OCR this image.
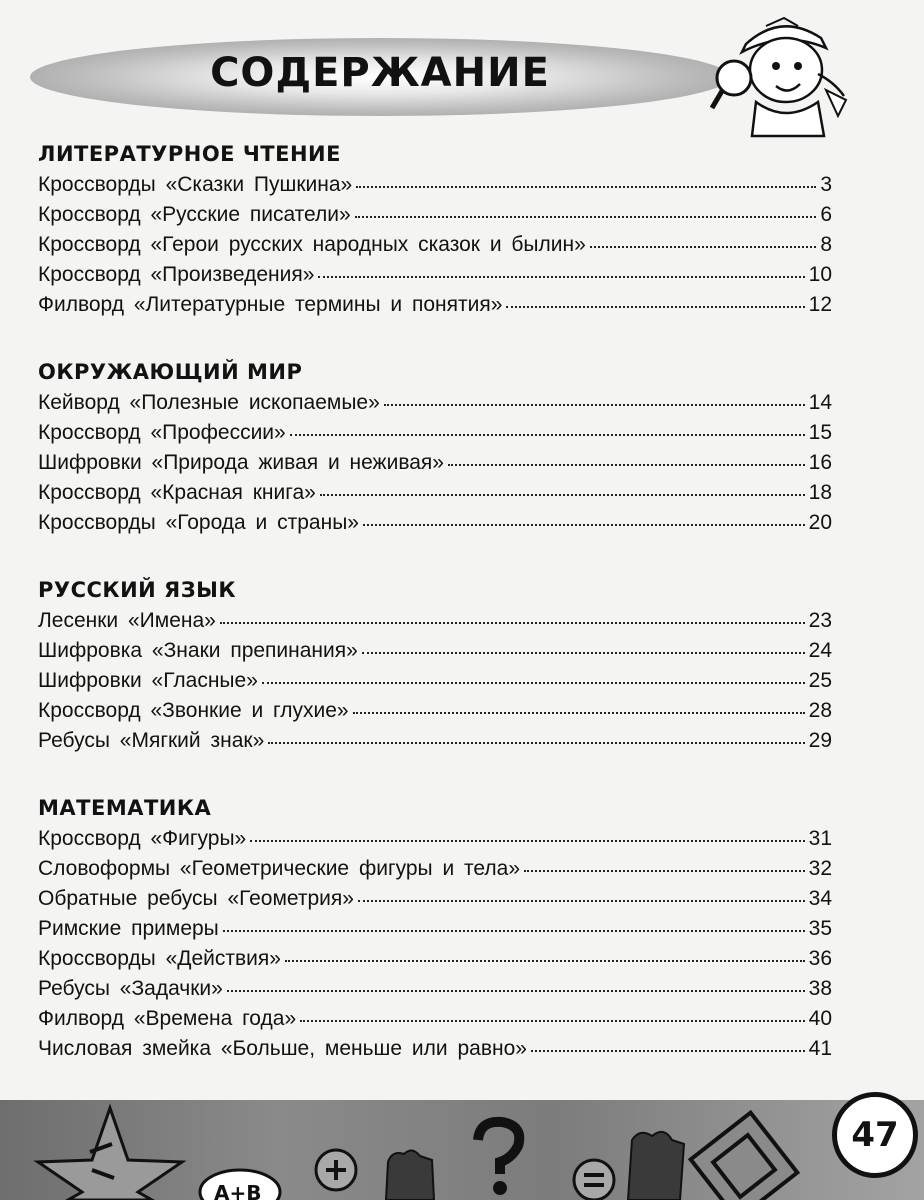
СОДЕРЖАНИЕ
ЛИТЕРАТУРНОЕ ЧТЕНИЕ
Кроссворды «Сказки Пушкина»	3
Кроссворд «Русские писатели»	6
Кроссворд «Герои русских народных сказок и былин»	8
Кроссворд «Произведения»	10
Филворд «Литературные термины и понятия»	12
ОКРУЖАЮЩИЙ МИР
Кейворд «Полезные ископаемые»	14
Кроссворд «Профессии»	15
Шифровки «Природа живая и неживая»	16
Кроссворд «Красная книга»	18
Кроссворды «Города и страны»	20
РУССКИЙ ЯЗЫК
Лесенки «Имена»	23
Шифровка «Знаки препинания»	24
Шифровки «Гласные»	25
Кроссворд «Звонкие и глухие»	28
Ребусы «Мягкий знак»	29
МАТЕМАТИКА
Кроссворд «Фигуры»	31
Словоформы «Геометрические фигуры и тела»	32
Обратные ребусы «Геометрия»	34
Римские примеры	35
Кроссворды «Действия»	36
Ребусы «Задачки»	38
Филворд «Времена года»	40
Числовая змейка «Больше, меньше или равно»	41
A+B
47
